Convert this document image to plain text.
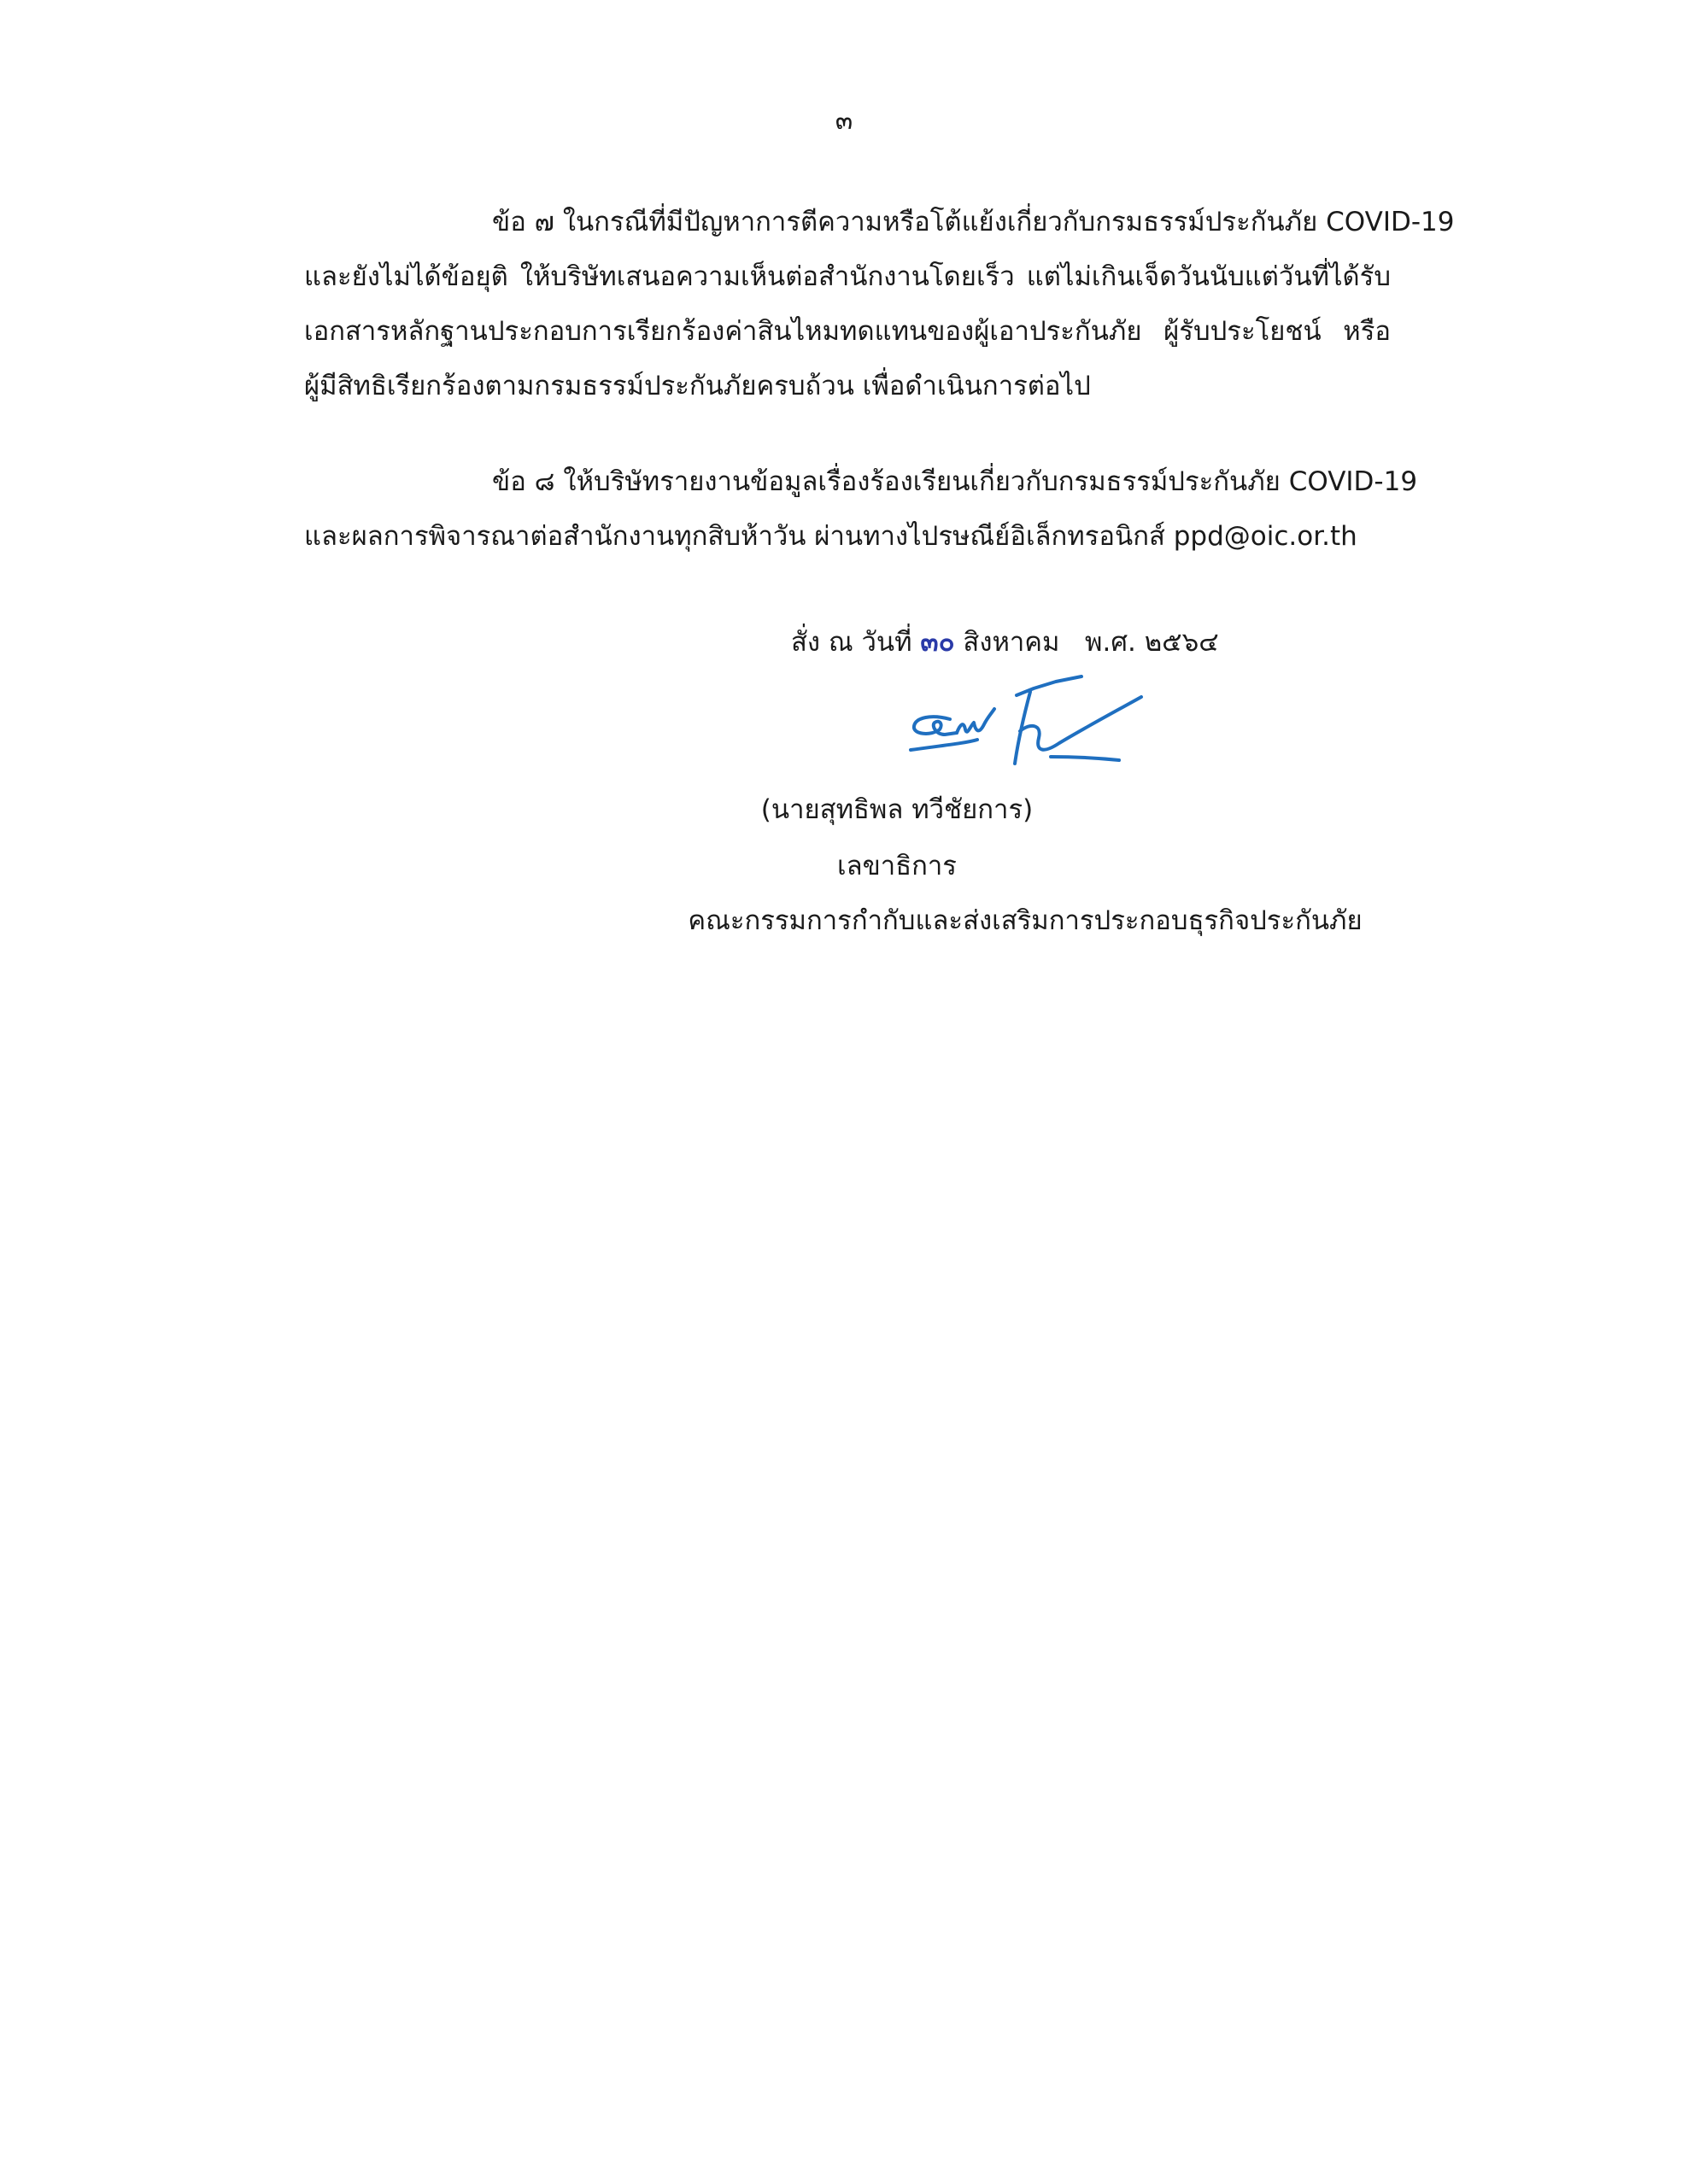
๓
ข้อ ๗ ในกรณีที่มีปัญหาการตีความหรือโต้แย้งเกี่ยวกับกรมธรรม์ประกันภัย COVID-19
และยังไม่ได้ข้อยุติ ให้บริษัทเสนอความเห็นต่อสำนักงานโดยเร็ว แต่ไม่เกินเจ็ดวันนับแต่วันที่ได้รับ
เอกสารหลักฐานประกอบการเรียกร้องค่าสินไหมทดแทนของผู้เอาประกันภัย ผู้รับประโยชน์ หรือ
ผู้มีสิทธิเรียกร้องตามกรมธรรม์ประกันภัยครบถ้วน เพื่อดำเนินการต่อไป
ข้อ ๘ ให้บริษัทรายงานข้อมูลเรื่องร้องเรียนเกี่ยวกับกรมธรรม์ประกันภัย COVID-19
และผลการพิจารณาต่อสำนักงานทุกสิบห้าวัน ผ่านทางไปรษณีย์อิเล็กทรอนิกส์ ppd@oic.or.th
สั่ง ณ วันที่ ๓๐ สิงหาคม พ.ศ. ๒๕๖๔
(นายสุทธิพล ทวีชัยการ)
เลขาธิการ
คณะกรรมการกำกับและส่งเสริมการประกอบธุรกิจประกันภัย
